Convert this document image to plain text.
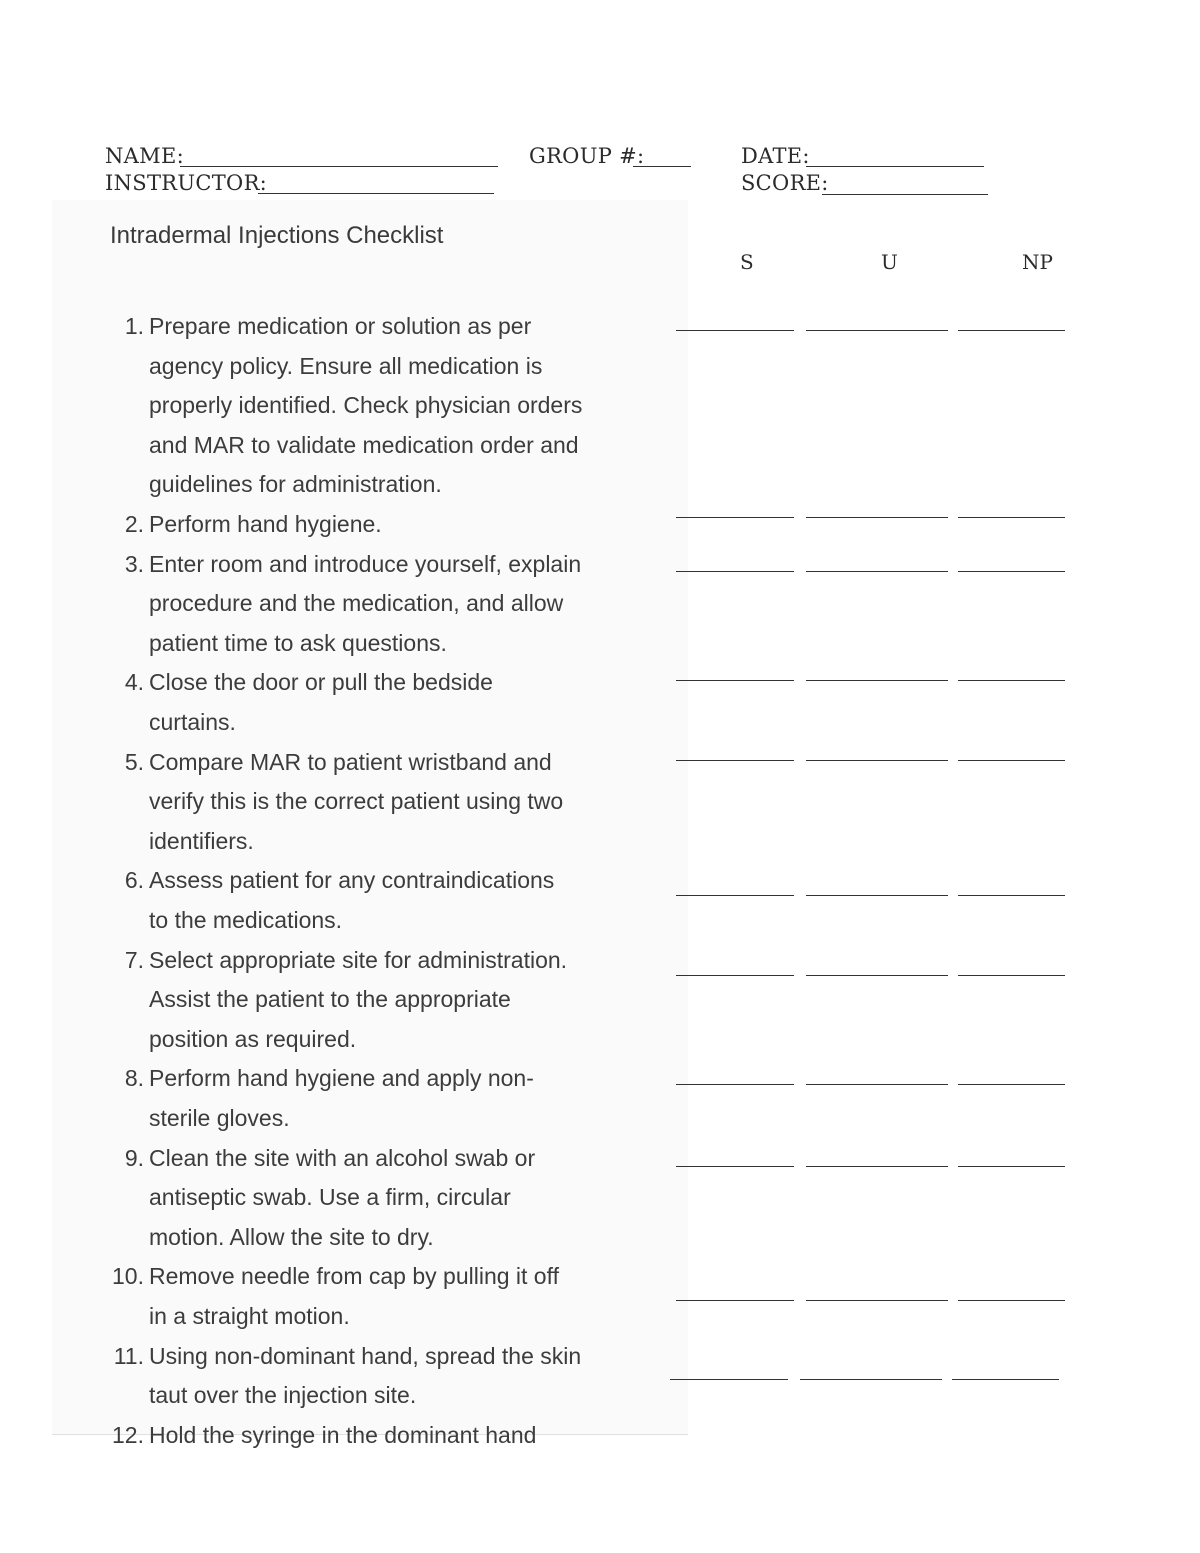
NAME:	GROUP #:	DATE:
INSTRUCTOR:	SCORE:
Intradermal Injections Checklist
S	U	NP
1. Prepare medication or solution as per
agency policy. Ensure all medication is
properly identified. Check physician orders
and MAR to validate medication order and
guidelines for administration.
2. Perform hand hygiene.
3. Enter room and introduce yourself, explain
procedure and the medication, and allow
patient time to ask questions.
4. Close the door or pull the bedside
curtains.
5. Compare MAR to patient wristband and
verify this is the correct patient using two
identifiers.
6. Assess patient for any contraindications
to the medications.
7. Select appropriate site for administration.
Assist the patient to the appropriate
position as required.
8. Perform hand hygiene and apply non-
sterile gloves.
9. Clean the site with an alcohol swab or
antiseptic swab. Use a firm, circular
motion. Allow the site to dry.
10. Remove needle from cap by pulling it off
in a straight motion.
11. Using non-dominant hand, spread the skin
taut over the injection site.
12. Hold the syringe in the dominant hand
